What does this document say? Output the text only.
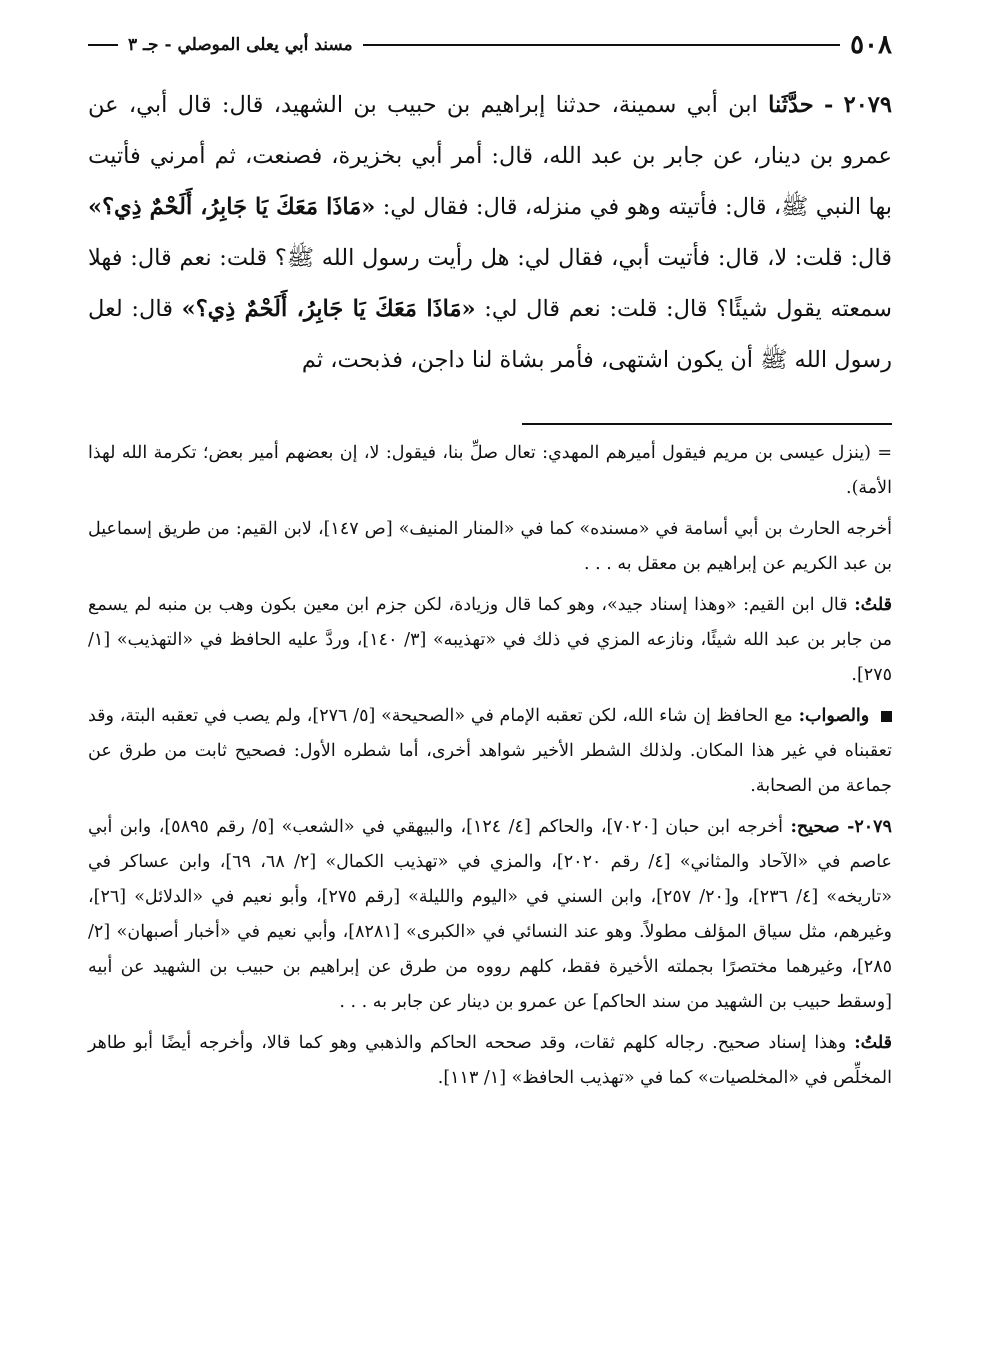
٥٠٨
مسند أبي يعلى الموصلي - جـ ٣

٢٠٧٩ - حدَّثَنا ابن أبي سمينة، حدثنا إبراهيم بن حبيب بن الشهيد، قال: قال أبي، عن عمرو بن دينار، عن جابر بن عبد الله، قال: أمر أبي بخزيرة، فصنعت، ثم أمرني فأتيت بها النبي ﷺ، قال: فأتيته وهو في منزله، قال: فقال لي: «مَاذَا مَعَكَ يَا جَابِرُ، أَلَحْمٌ ذِي؟» قال: قلت: لا، قال: فأتيت أبي، فقال لي: هل رأيت رسول الله ﷺ؟ قلت: نعم قال: فهلا سمعته يقول شيئًا؟ قال: قلت: نعم قال لي: «مَاذَا مَعَكَ يَا جَابِرُ، أَلَحْمٌ ذِي؟» قال: لعل رسول الله ﷺ أن يكون اشتهى، فأمر بشاة لنا داجن، فذبحت، ثم

= (ينزل عيسى بن مريم فيقول أميرهم المهدي: تعال صلِّ بنا، فيقول: لا، إن بعضهم أمير بعض؛ تكرمة الله لهذا الأمة).

أخرجه الحارث بن أبي أسامة في «مسنده» كما في «المنار المنيف» [ص ١٤٧]، لابن القيم: من طريق إسماعيل بن عبد الكريم عن إبراهيم بن معقل به . . .

قلتُ: قال ابن القيم: «وهذا إسناد جيد»، وهو كما قال وزيادة، لكن جزم ابن معين بكون وهب بن منبه لم يسمع من جابر بن عبد الله شيئًا، ونازعه المزي في ذلك في «تهذيبه» [٣/ ١٤٠]، وردَّ عليه الحافظ في «التهذيب» [١/ ٢٧٥].

والصواب: مع الحافظ إن شاء الله، لكن تعقبه الإمام في «الصحيحة» [٥/ ٢٧٦]، ولم يصب في تعقبه البتة، وقد تعقبناه في غير هذا المكان. ولذلك الشطر الأخير شواهد أخرى، أما شطره الأول: فصحيح ثابت من طرق عن جماعة من الصحابة.

٢٠٧٩- صحيح: أخرجه ابن حبان [٧٠٢٠]، والحاكم [٤/ ١٢٤]، والبيهقي في «الشعب» [٥/ رقم ٥٨٩٥]، وابن أبي عاصم في «الآحاد والمثاني» [٤/ رقم ٢٠٢٠]، والمزي في «تهذيب الكمال» [٢/ ٦٨، ٦٩]، وابن عساكر في «تاريخه» [٤/ ٢٣٦]، و[٢٠/ ٢٥٧]، وابن السني في «اليوم والليلة» [رقم ٢٧٥]، وأبو نعيم في «الدلائل» [٢٦]، وغيرهم، مثل سياق المؤلف مطولاً. وهو عند النسائي في «الكبرى» [٨٢٨١]، وأبي نعيم في «أخبار أصبهان» [٢/ ٢٨٥]، وغيرهما مختصرًا بجملته الأخيرة فقط، كلهم رووه من طرق عن إبراهيم بن حبيب بن الشهيد عن أبيه [وسقط حبيب بن الشهيد من سند الحاكم] عن عمرو بن دينار عن جابر به . . .

قلتُ: وهذا إسناد صحيح. رجاله كلهم ثقات، وقد صححه الحاكم والذهبي وهو كما قالا، وأخرجه أيضًا أبو طاهر المخلِّص في «المخلصيات» كما في «تهذيب الحافظ» [١/ ١١٣].
